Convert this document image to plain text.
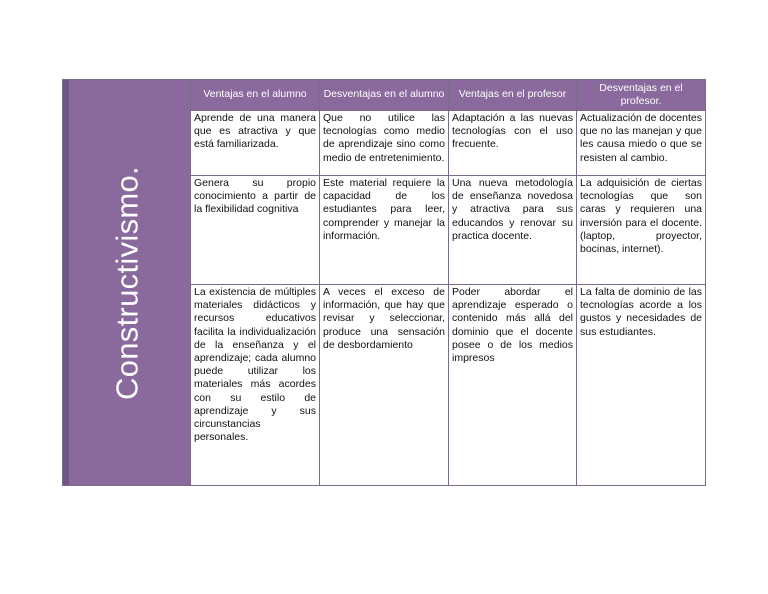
Constructivismo.	Ventajas en el alumno	Desventajas en el alumno	Ventajas en el profesor	Desventajas en el profesor.
	Aprende de una manera que es atractiva y que está familiarizada.	Que no utilice las tecnologías como medio de aprendizaje sino como medio de entretenimiento.	Adaptación a las nuevas tecnologías con el uso frecuente.	Actualización de docentes que no las manejan y que les causa miedo o que se resisten al cambio.
	Genera su propio conocimiento a partir de la flexibilidad cognitiva	Este material requiere la capacidad de los estudiantes para leer, comprender y manejar la información.	Una nueva metodología de enseñanza novedosa y atractiva para sus educandos y renovar su practica docente.	La adquisición de ciertas tecnologías que son caras y requieren una inversión para el docente. (laptop, proyector, bocinas, internet).
	La existencia de múltiples materiales didácticos y recursos educativos facilita la individualización de la enseñanza y el aprendizaje; cada alumno puede utilizar los materiales más acordes con su estilo de aprendizaje y sus circunstancias personales.	A veces el exceso de información, que hay que revisar y seleccionar, produce una sensación de desbordamiento	Poder abordar el aprendizaje esperado o contenido más allá del dominio que el docente posee o de los medios impresos	La falta de dominio de las tecnologías acorde a los gustos y necesidades de sus estudiantes.
